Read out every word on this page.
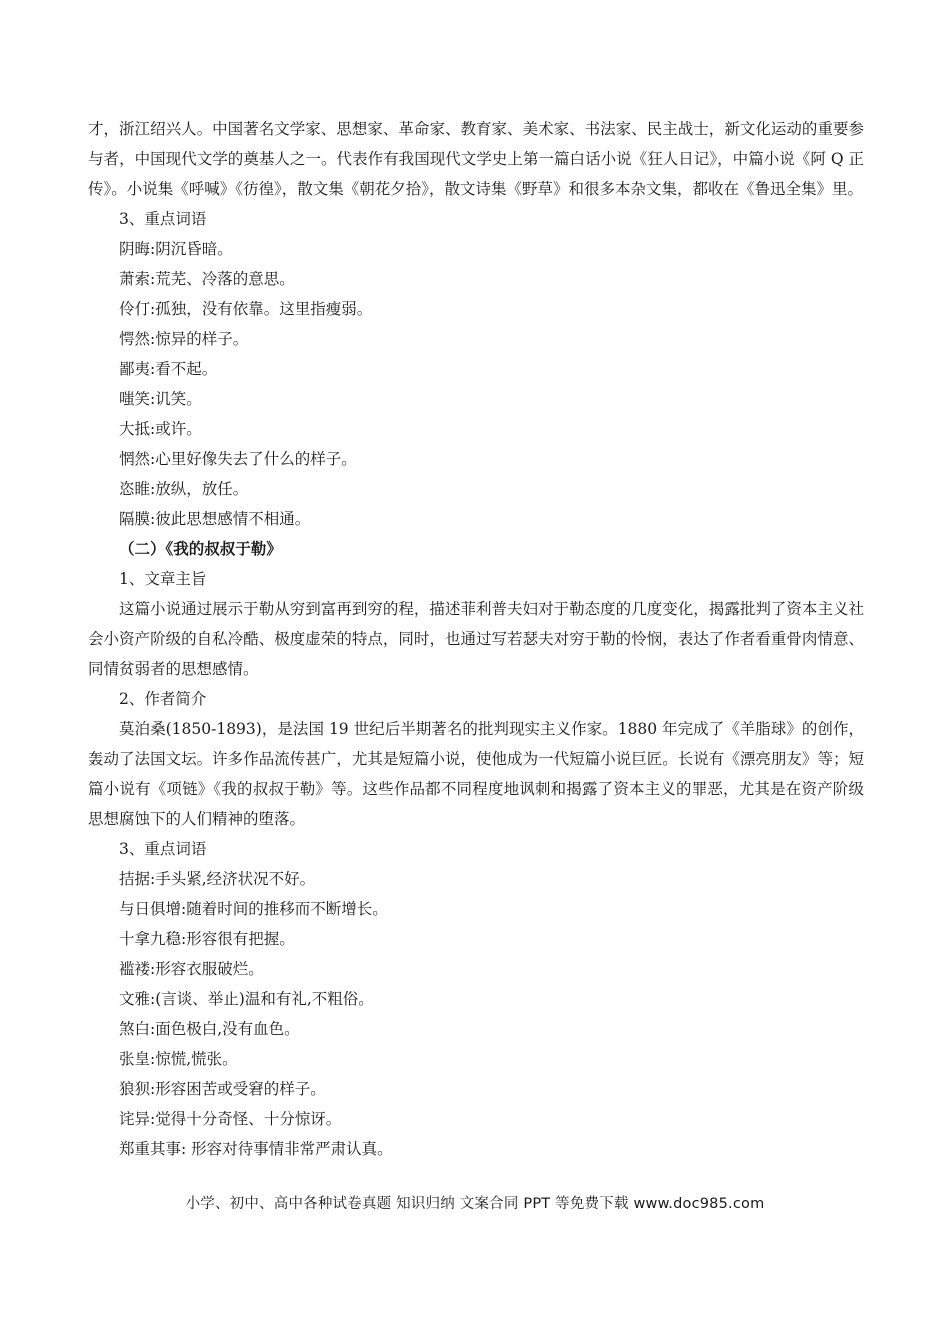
才，浙江绍兴人。中国著名文学家、思想家、革命家、教育家、美术家、书法家、民主战士，新文化运动的重要参与者，中国现代文学的奠基人之一。代表作有我国现代文学史上第一篇白话小说《狂人日记》，中篇小说《阿 Q 正传》。小说集《呼喊》《彷徨》，散文集《朝花夕拾》，散文诗集《野草》和很多本杂文集，都收在《鲁迅全集》里。

3、重点词语

阴晦:阴沉昏暗。

萧索:荒芜、冷落的意思。

伶仃:孤独，没有依靠。这里指瘦弱。

愕然:惊异的样子。

鄙夷:看不起。

嗤笑:讥笑。

大抵:或许。

惘然:心里好像失去了什么的样子。

恣睢:放纵，放任。

隔膜:彼此思想感情不相通。

（二）《我的叔叔于勒》

1、文章主旨

这篇小说通过展示于勒从穷到富再到穷的程，描述菲利普夫妇对于勒态度的几度变化，揭露批判了资本主义社会小资产阶级的自私冷酷、极度虚荣的特点，同时，也通过写若瑟夫对穷于勒的怜悯，表达了作者看重骨肉情意、同情贫弱者的思想感情。

2、作者简介

莫泊桑(1850-1893)，是法国 19 世纪后半期著名的批判现实主义作家。1880 年完成了《羊脂球》的创作，轰动了法国文坛。许多作品流传甚广，尤其是短篇小说，使他成为一代短篇小说巨匠。长说有《漂亮朋友》等；短篇小说有《项链》《我的叔叔于勒》等。这些作品都不同程度地讽刺和揭露了资本主义的罪恶，尤其是在资产阶级思想腐蚀下的人们精神的堕落。

3、重点词语

拮据:手头紧,经济状况不好。

与日俱增:随着时间的推移而不断增长。

十拿九稳:形容很有把握。

褴褛:形容衣服破烂。

文雅:(言谈、举止)温和有礼,不粗俗。

煞白:面色极白,没有血色。

张皇:惊慌,慌张。

狼狈:形容困苦或受窘的样子。

诧异:觉得十分奇怪、十分惊讶。

郑重其事: 形容对待事情非常严肃认真。

小学、初中、高中各种试卷真题 知识归纳 文案合同 PPT 等免费下载 www.doc985.com
